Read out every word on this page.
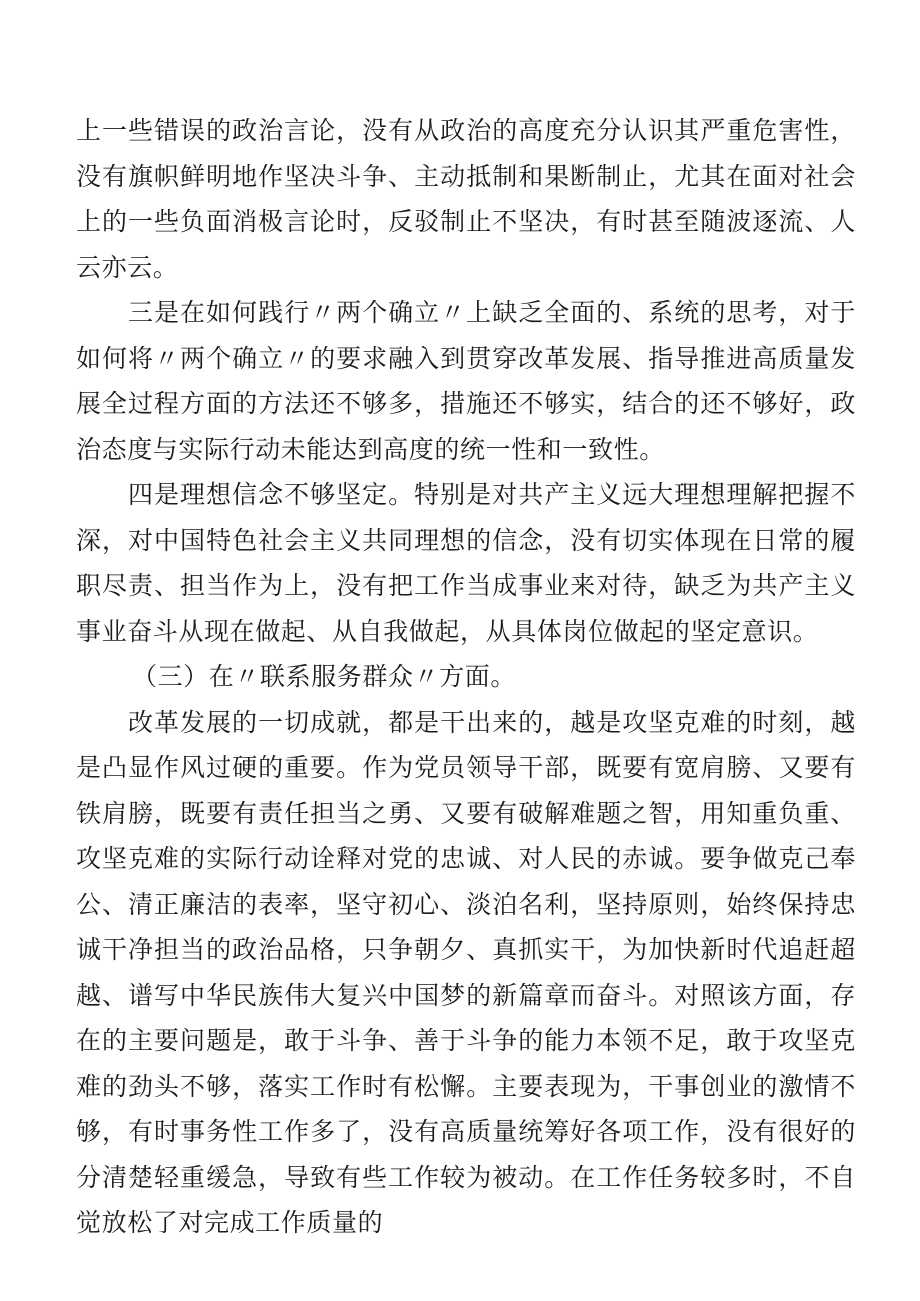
上一些错误的政治言论，没有从政治的高度充分认识其严重危害性，没有旗帜鲜明地作坚决斗争、主动抵制和果断制止，尤其在面对社会上的一些负面消极言论时，反驳制止不坚决，有时甚至随波逐流、人云亦云。

三是在如何践行〃两个确立〃上缺乏全面的、系统的思考，对于如何将〃两个确立〃的要求融入到贯穿改革发展、指导推进高质量发展全过程方面的方法还不够多，措施还不够实，结合的还不够好，政治态度与实际行动未能达到高度的统一性和一致性。

四是理想信念不够坚定。特别是对共产主义远大理想理解把握不深，对中国特色社会主义共同理想的信念，没有切实体现在日常的履职尽责、担当作为上，没有把工作当成事业来对待，缺乏为共产主义事业奋斗从现在做起、从自我做起，从具体岗位做起的坚定意识。

（三）在〃联系服务群众〃方面。

改革发展的一切成就，都是干出来的，越是攻坚克难的时刻，越是凸显作风过硬的重要。作为党员领导干部，既要有宽肩膀、又要有铁肩膀，既要有责任担当之勇、又要有破解难题之智，用知重负重、攻坚克难的实际行动诠释对党的忠诚、对人民的赤诚。要争做克己奉公、清正廉洁的表率，坚守初心、淡泊名利，坚持原则，始终保持忠诚干净担当的政治品格，只争朝夕、真抓实干，为加快新时代追赶超越、谱写中华民族伟大复兴中国梦的新篇章而奋斗。对照该方面，存在的主要问题是，敢于斗争、善于斗争的能力本领不足，敢于攻坚克难的劲头不够，落实工作时有松懈。主要表现为，干事创业的激情不够，有时事务性工作多了，没有高质量统筹好各项工作，没有很好的分清楚轻重缓急，导致有些工作较为被动。在工作任务较多时，不自觉放松了对完成工作质量的
